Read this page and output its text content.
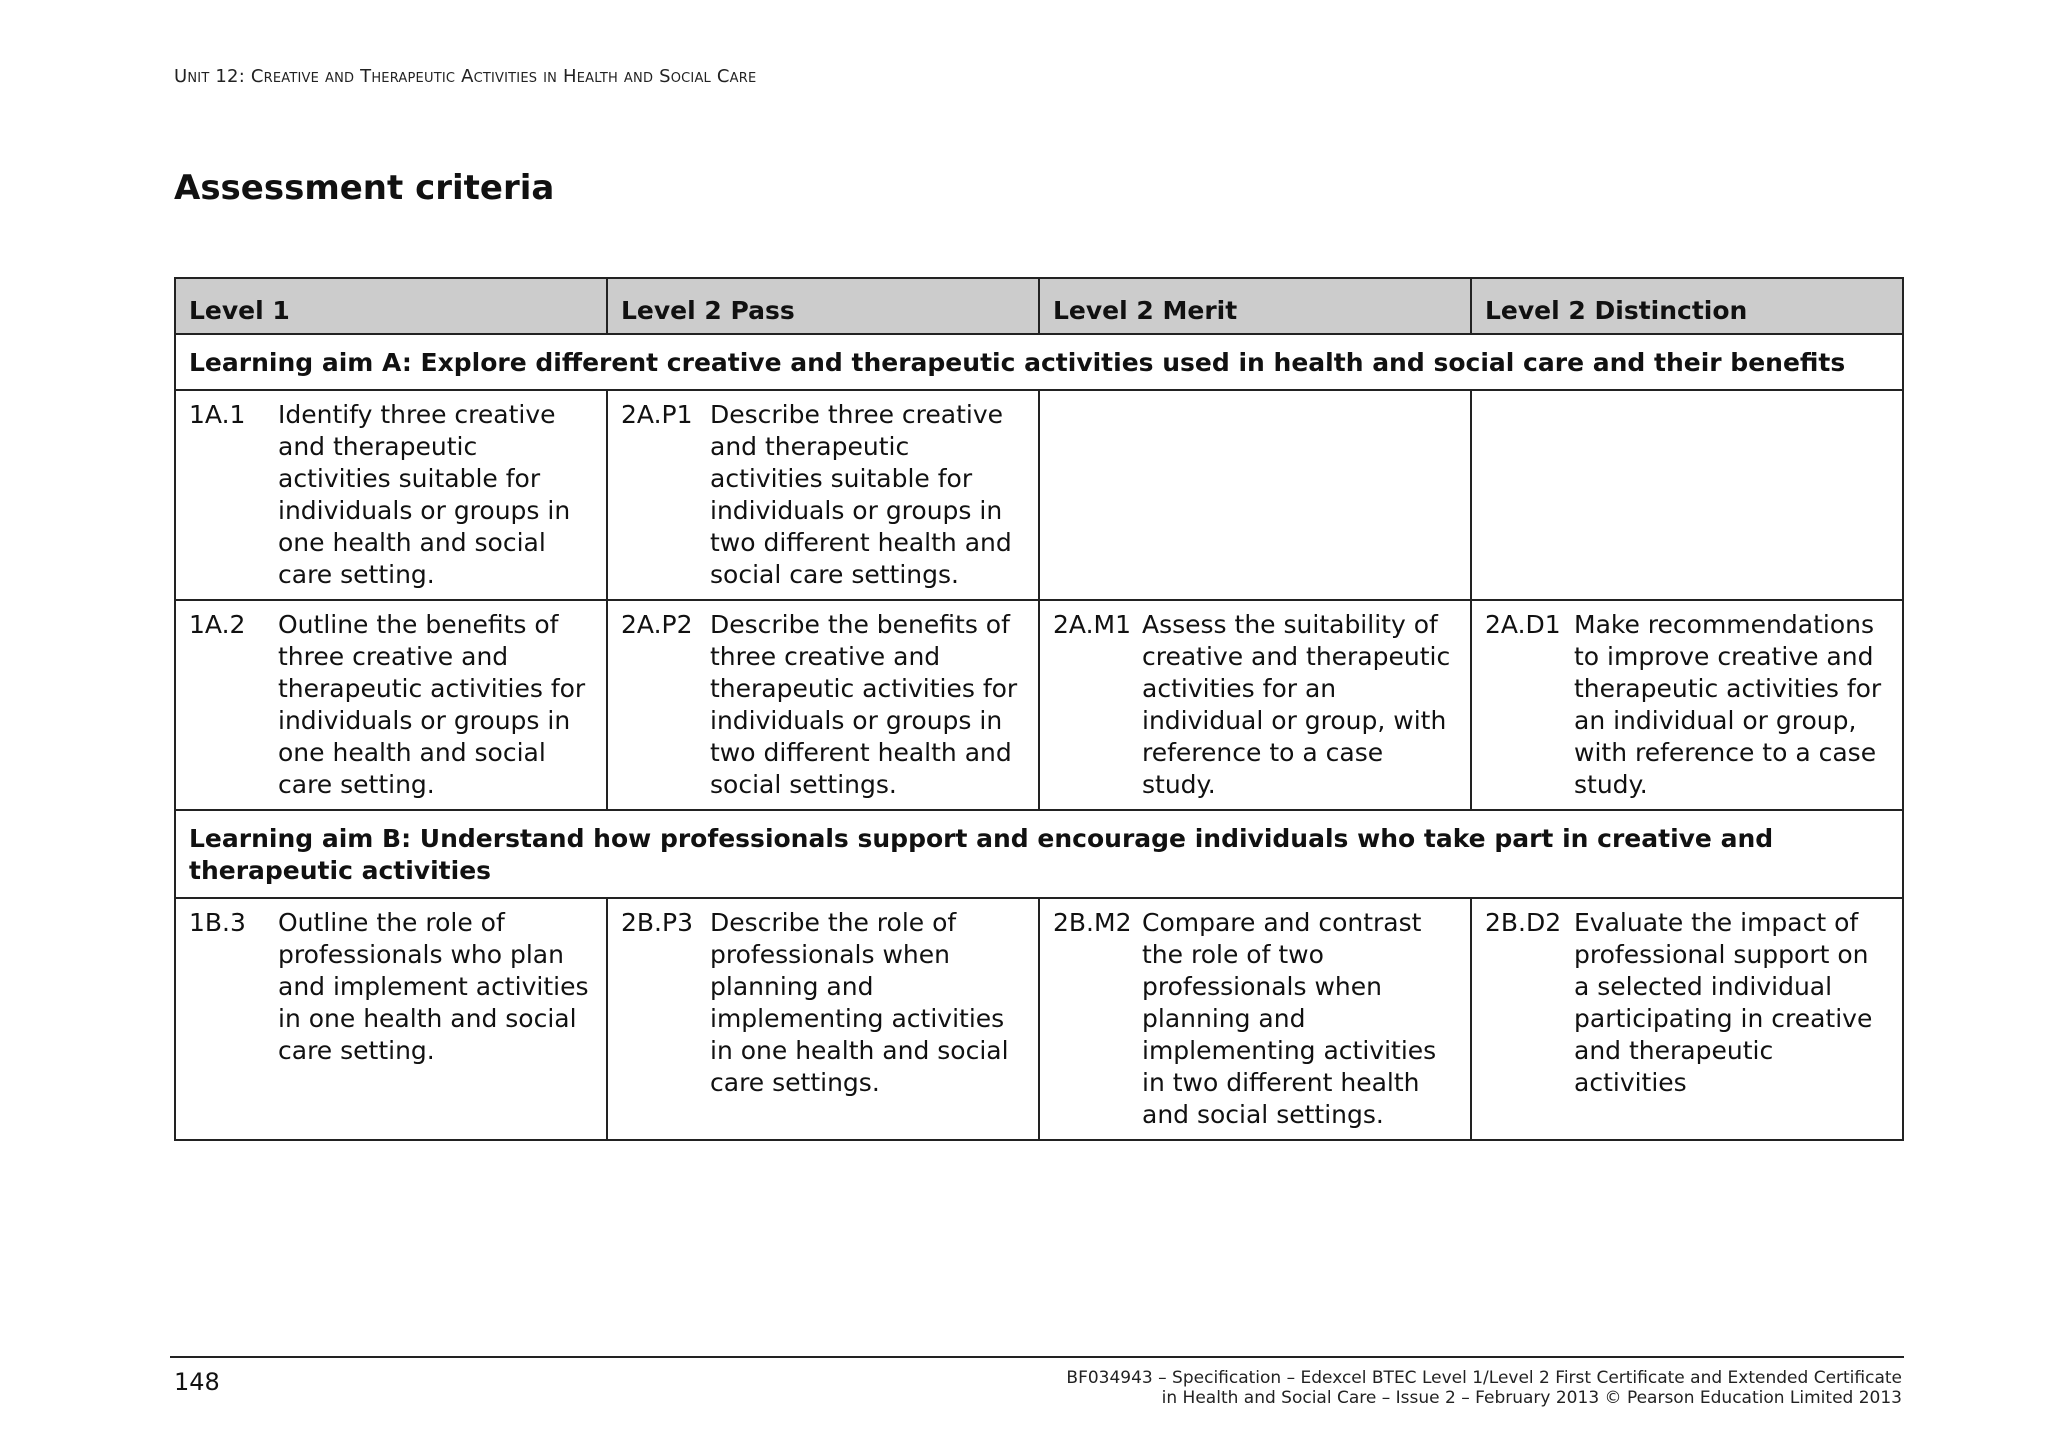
Unit 12: Creative and Therapeutic Activities in Health and Social Care
Assessment criteria
Level 1	Level 2 Pass	Level 2 Merit	Level 2 Distinction
Learning aim A: Explore different creative and therapeutic activities used in health and social care and their benefits			

1A.1 Identify three creative and therapeutic activities suitable for individuals or groups in one health and social care setting.	2A.P1 Describe three creative and therapeutic activities suitable for individuals or groups in two different health and social care settings.		

1A.2 Outline the benefits of three creative and therapeutic activities for individuals or groups in one health and social care setting.	2A.P2 Describe the benefits of three creative and therapeutic activities for individuals or groups in two different health and social settings.	2A.M1 Assess the suitability of creative and therapeutic activities for an individual or group, with reference to a case study.	2A.D1 Make recommendations to improve creative and therapeutic activities for an individual or group, with reference to a case study.

Learning aim B: Understand how professionals support and encourage individuals who take part in creative and therapeutic activities			

1B.3 Outline the role of professionals who plan and implement activities in one health and social care setting.	2B.P3 Describe the role of professionals when planning and implementing activities in one health and social care settings.	2B.M2 Compare and contrast the role of two professionals when planning and implementing activities in two different health and social settings.	2B.D2 Evaluate the impact of professional support on a selected individual participating in creative and therapeutic activities
148	BF034943 – Specification – Edexcel BTEC Level 1/Level 2 First Certificate and Extended Certificate
in Health and Social Care – Issue 2 – February 2013 © Pearson Education Limited 2013
